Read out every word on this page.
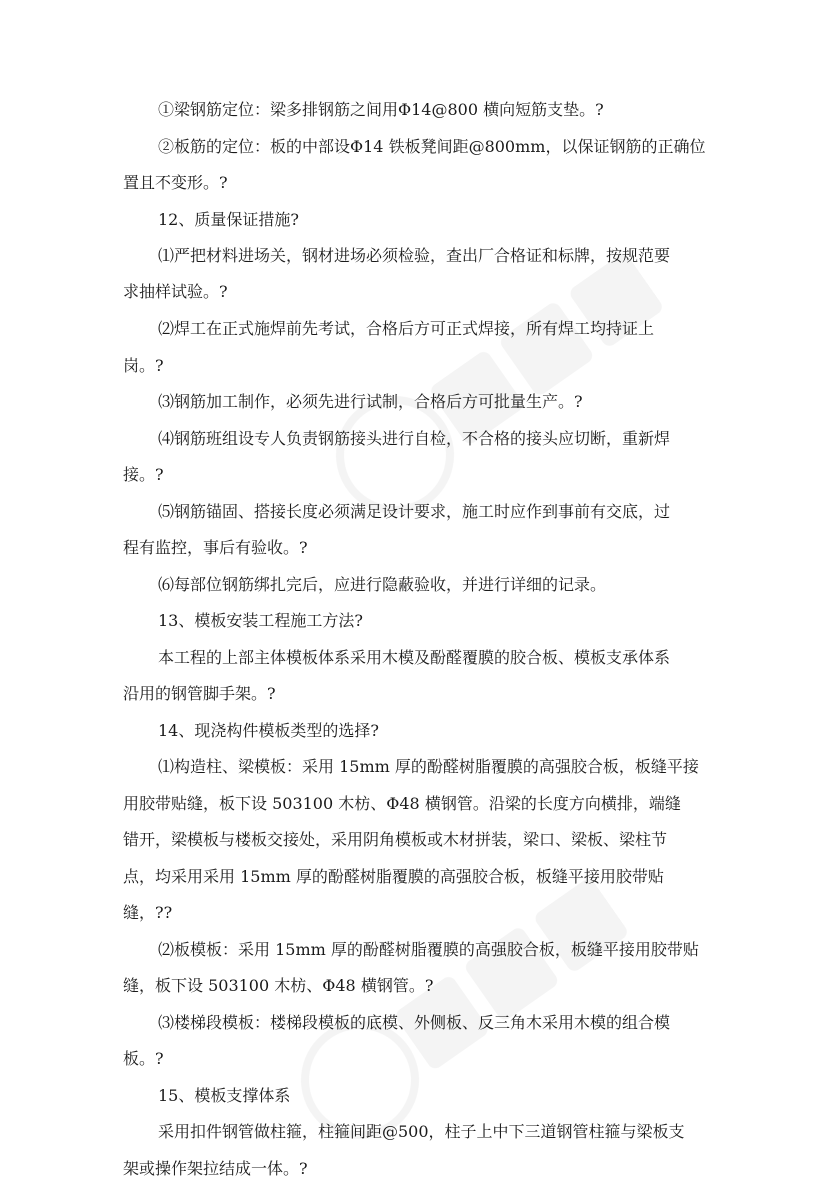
①梁钢筋定位：梁多排钢筋之间用Φ14@800 横向短筋支垫。?
②板筋的定位：板的中部设Φ14 铁板凳间距@800mm，以保证钢筋的正确位
置且不变形。?
12、质量保证措施?
⑴严把材料进场关，钢材进场必须检验，查出厂合格证和标牌，按规范要
求抽样试验。?
⑵焊工在正式施焊前先考试，合格后方可正式焊接，所有焊工均持证上
岗。?
⑶钢筋加工制作，必须先进行试制，合格后方可批量生产。?
⑷钢筋班组设专人负责钢筋接头进行自检，不合格的接头应切断，重新焊
接。?
⑸钢筋锚固、搭接长度必须满足设计要求，施工时应作到事前有交底，过
程有监控，事后有验收。?
⑹每部位钢筋绑扎完后，应进行隐蔽验收，并进行详细的记录。
13、模板安装工程施工方法?
本工程的上部主体模板体系采用木模及酚醛覆膜的胶合板、模板支承体系
沿用的钢管脚手架。?
14、现浇构件模板类型的选择?
⑴构造柱、梁模板：采用 15mm 厚的酚醛树脂覆膜的高强胶合板，板缝平接
用胶带贴缝，板下设 503100 木枋、Φ48 横钢管。沿梁的长度方向横排，端缝
错开，梁模板与楼板交接处，采用阴角模板或木材拼装，梁口、梁板、梁柱节
点，均采用采用 15mm 厚的酚醛树脂覆膜的高强胶合板，板缝平接用胶带贴
缝，??
⑵板模板：采用 15mm 厚的酚醛树脂覆膜的高强胶合板，板缝平接用胶带贴
缝，板下设 503100 木枋、Φ48 横钢管。?
⑶楼梯段模板：楼梯段模板的底模、外侧板、反三角木采用木模的组合模
板。?
15、模板支撑体系
采用扣件钢管做柱箍，柱箍间距@500，柱子上中下三道钢管柱箍与梁板支
架或操作架拉结成一体。?
